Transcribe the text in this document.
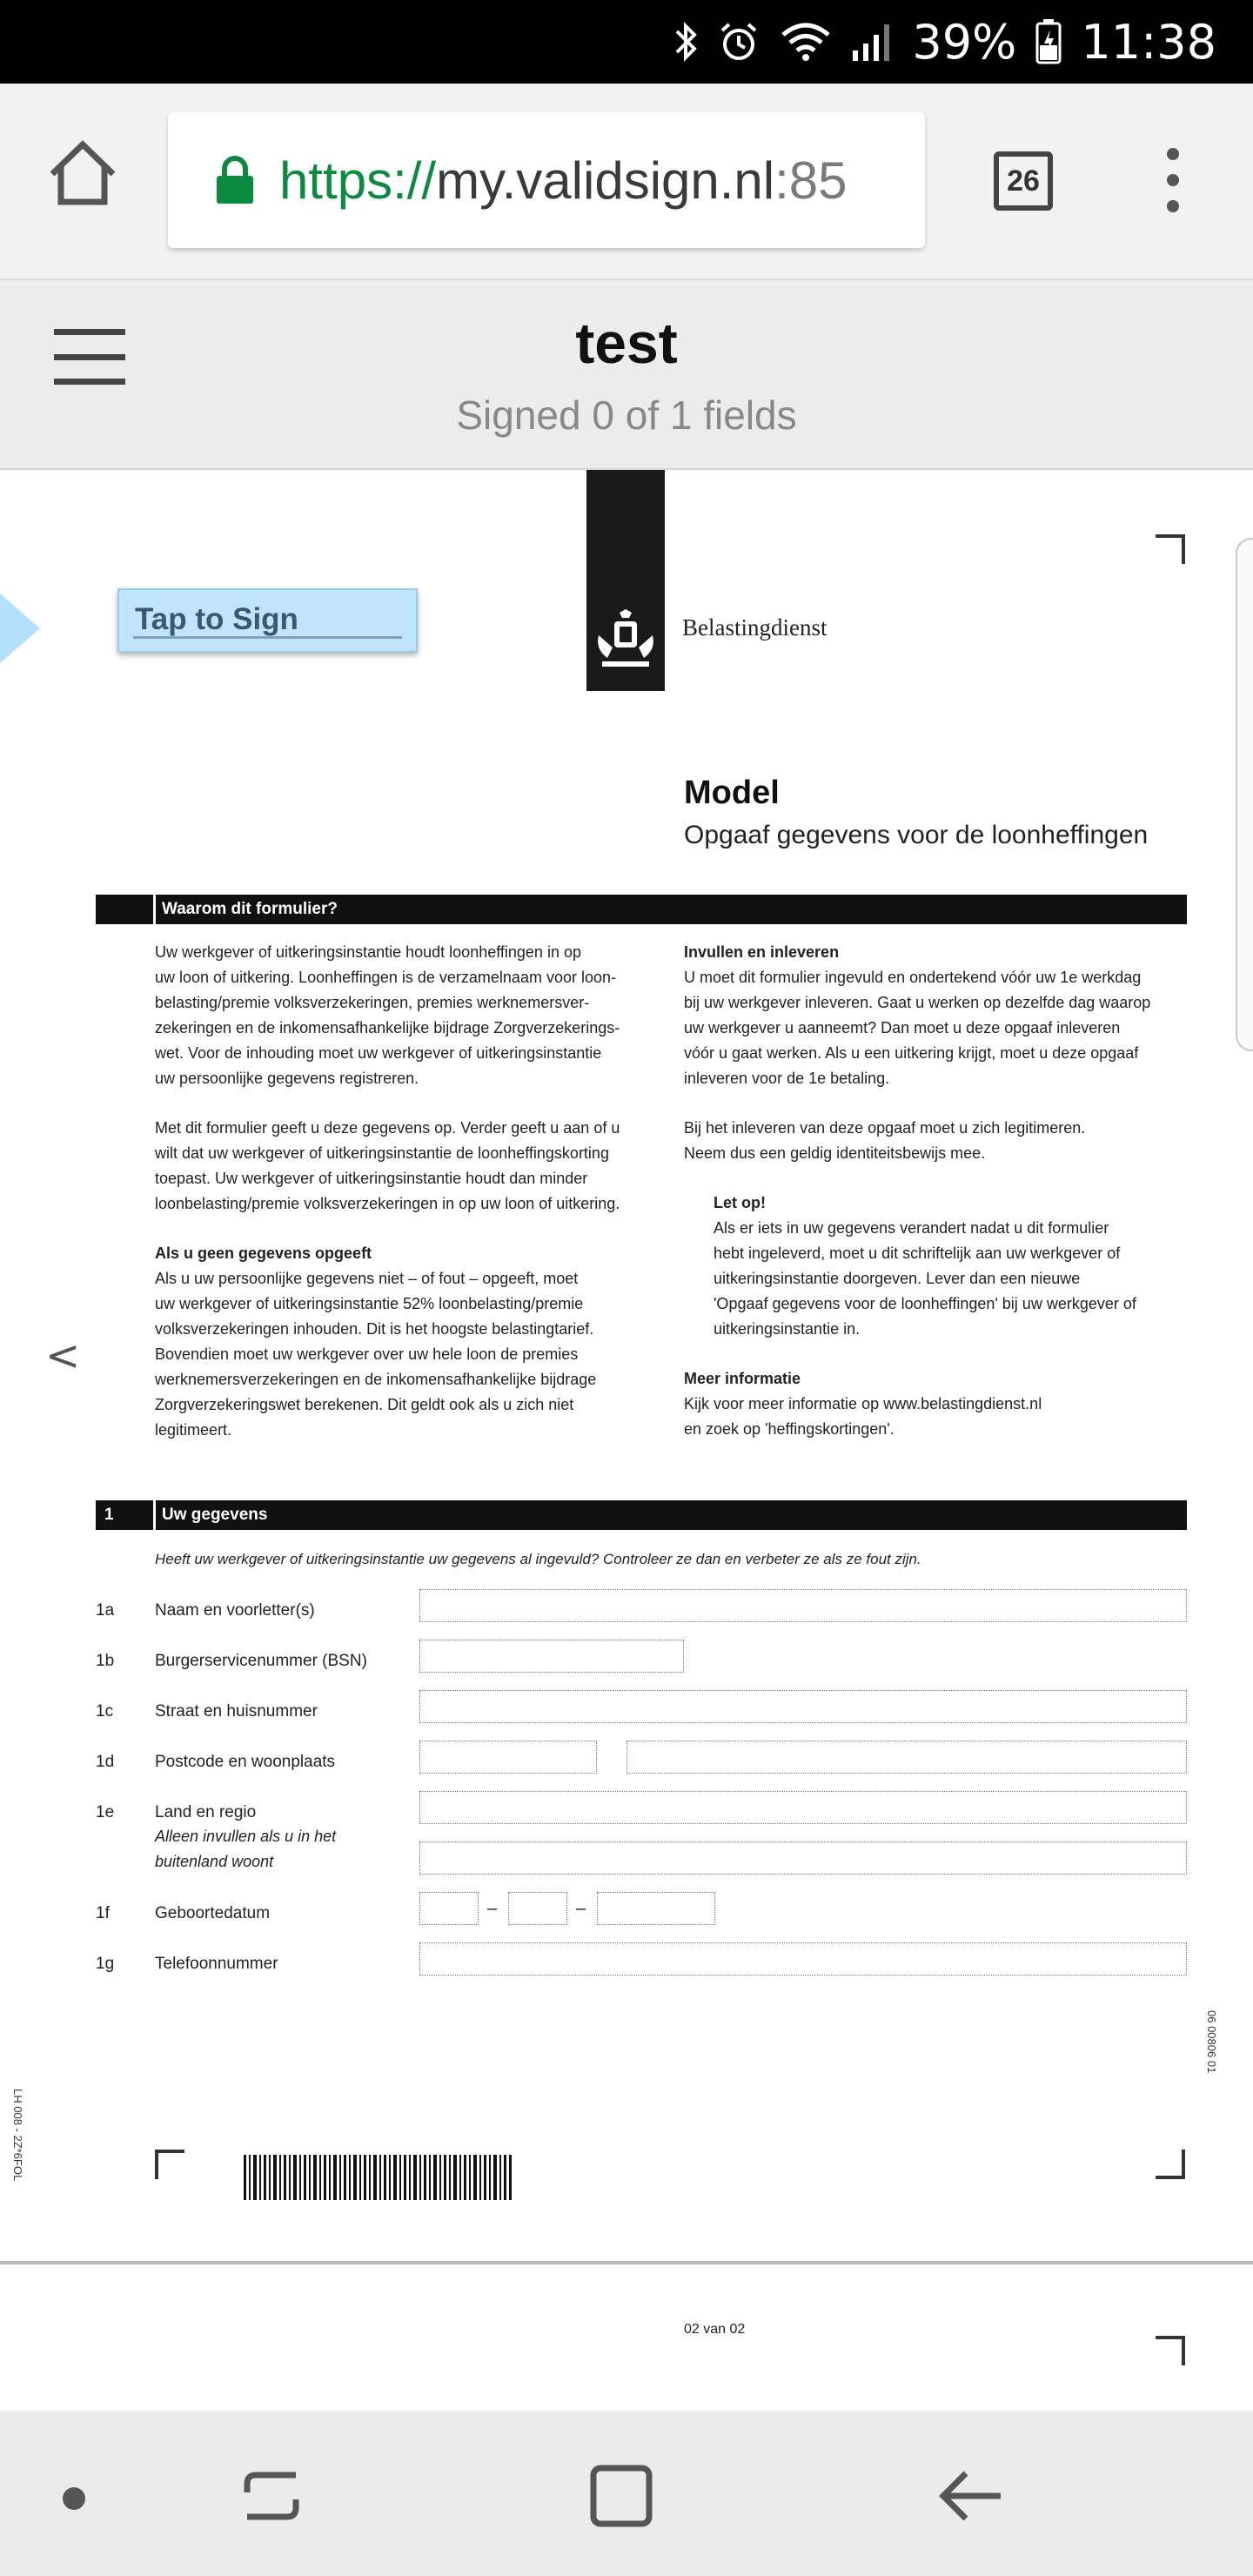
39% 11:38
https://my.validsign.nl:85	26
test
Signed 0 of 1 fields
Belastingdienst
Tap to Sign
Model
Opgaaf gegevens voor de loonheffingen
Waarom dit formulier?
Uw werkgever of uitkeringsinstantie houdt loonheffingen in op
uw loon of uitkering. Loonheffingen is de verzamelnaam voor loon-
belasting/premie volksverzekeringen, premies werknemersver-
zekeringen en de inkomensafhankelijke bijdrage Zorgverzekerings-
wet. Voor de inhouding moet uw werkgever of uitkeringsinstantie
uw persoonlijke gegevens registreren.
Met dit formulier geeft u deze gegevens op. Verder geeft u aan of u
wilt dat uw werkgever of uitkeringsinstantie de loonheffingskorting
toepast. Uw werkgever of uitkeringsinstantie houdt dan minder
loonbelasting/premie volksverzekeringen in op uw loon of uitkering.
Als u geen gegevens opgeeft
Als u uw persoonlijke gegevens niet – of fout – opgeeft, moet
uw werkgever of uitkeringsinstantie 52% loonbelasting/premie
volksverzekeringen inhouden. Dit is het hoogste belastingtarief.
Bovendien moet uw werkgever over uw hele loon de premies
werknemersverzekeringen en de inkomensafhankelijke bijdrage
Zorgverzekeringswet berekenen. Dit geldt ook als u zich niet
legitimeert.
Invullen en inleveren
U moet dit formulier ingevuld en ondertekend vóór uw 1e werkdag
bij uw werkgever inleveren. Gaat u werken op dezelfde dag waarop
uw werkgever u aanneemt? Dan moet u deze opgaaf inleveren
vóór u gaat werken. Als u een uitkering krijgt, moet u deze opgaaf
inleveren voor de 1e betaling.
Bij het inleveren van deze opgaaf moet u zich legitimeren.
Neem dus een geldig identiteitsbewijs mee.
Let op!
Als er iets in uw gegevens verandert nadat u dit formulier
hebt ingeleverd, moet u dit schriftelijk aan uw werkgever of
uitkeringsinstantie doorgeven. Lever dan een nieuwe
'Opgaaf gegevens voor de loonheffingen' bij uw werkgever of
uitkeringsinstantie in.
Meer informatie
Kijk voor meer informatie op www.belastingdienst.nl
en zoek op 'heffingskortingen'.
<
1	Uw gegevens
Heeft uw werkgever of uitkeringsinstantie uw gegevens al ingevuld? Controleer ze dan en verbeter ze als ze fout zijn.
1a Naam en voorletter(s)
1b Burgerservicenummer (BSN)
1c	Straat en huisnummer
1d Postcode en woonplaats
1e Land en regio
Alleen invullen als u in het
buitenland woont
1f	Geboortedatum	–	–
1g Telefoonnummer
LH 008 - 2Z*6FOL
06 00806 01
02 van 02
